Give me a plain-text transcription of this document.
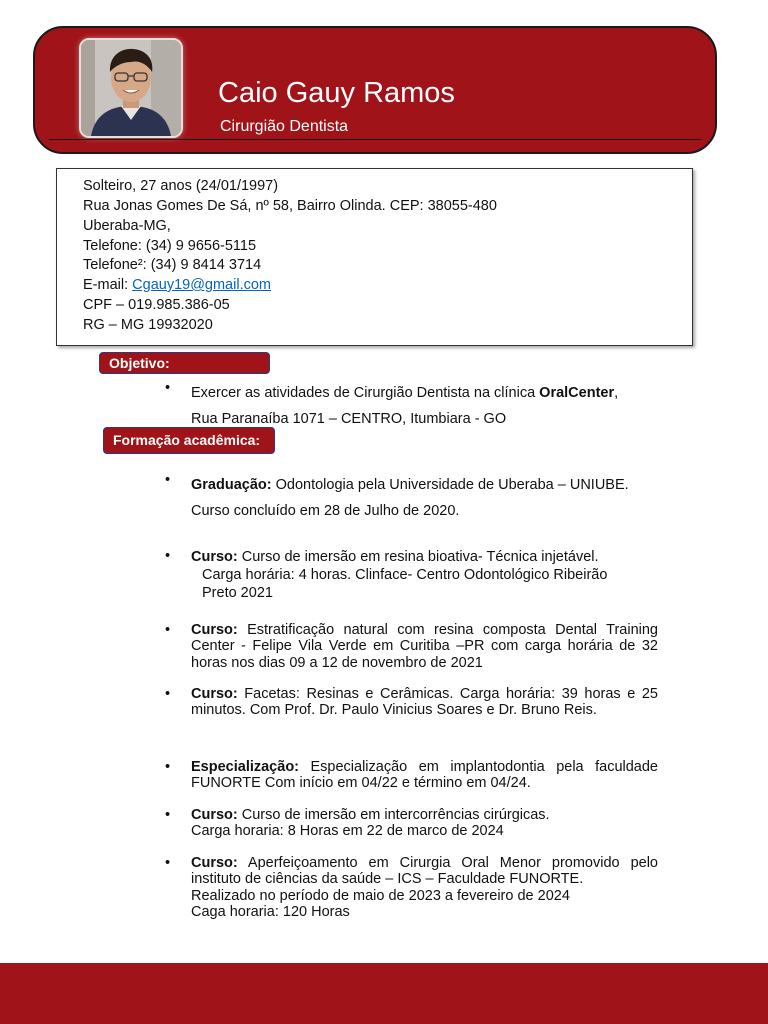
Caio Gauy Ramos
Cirurgião Dentista
Solteiro, 27 anos (24/01/1997)
Rua Jonas Gomes De Sá, nº 58, Bairro Olinda. CEP: 38055-480
Uberaba-MG,
Telefone: (34) 9 9656-5115
Telefone²: (34) 9 8414 3714
E-mail: Cgauy19@gmail.com
CPF – 019.985.386-05
RG – MG 19932020
Objetivo:
• Exercer as atividades de Cirurgião Dentista na clínica OralCenter,
Rua Paranaíba 1071 – CENTRO, Itumbiara - GO
Formação acadêmica:
• Graduação: Odontologia pela Universidade de Uberaba – UNIUBE.
Curso concluído em 28 de Julho de 2020.
• Curso: Curso de imersão em resina bioativa- Técnica injetável.
Carga horária: 4 horas. Clinface- Centro Odontológico Ribeirão
Preto 2021
• Curso: Estratificação natural com resina composta Dental Training Center - Felipe Vila Verde em Curitiba –PR com carga horária de 32 horas nos dias 09 a 12 de novembro de 2021
• Curso: Facetas: Resinas e Cerâmicas. Carga horária: 39 horas e 25 minutos. Com Prof. Dr. Paulo Vinicius Soares e Dr. Bruno Reis.
• Especialização: Especialização em implantodontia pela faculdade FUNORTE Com início em 04/22 e término em 04/24.
• Curso: Curso de imersão em intercorrências cirúrgicas.
Carga horaria: 8 Horas em 22 de marco de 2024
• Curso: Aperfeiçoamento em Cirurgia Oral Menor promovido pelo instituto de ciências da saúde – ICS – Faculdade FUNORTE.
Realizado no período de maio de 2023 a fevereiro de 2024
Caga horaria: 120 Horas
